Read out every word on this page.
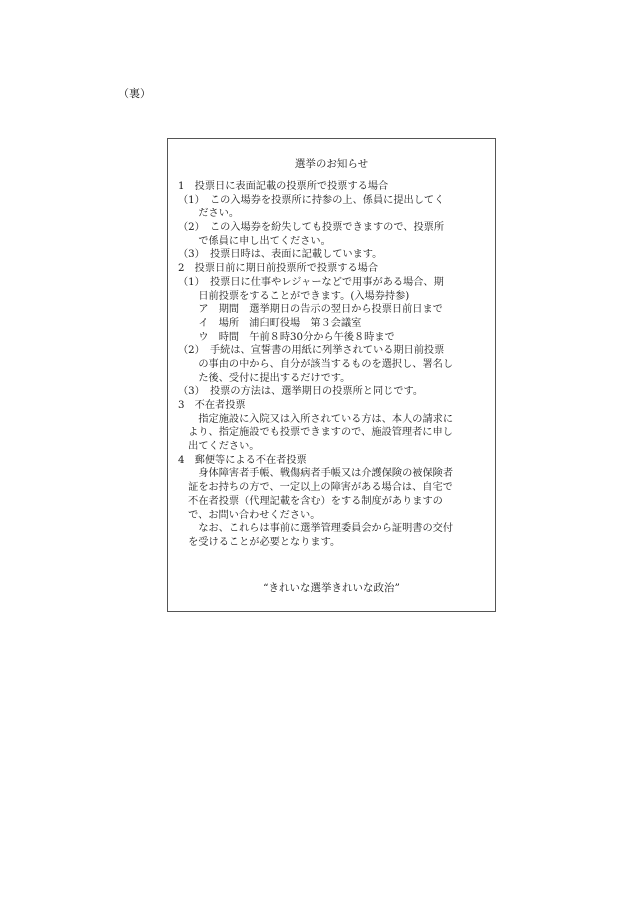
（裏）
選挙のお知らせ
1　投票日に表面記載の投票所で投票する場合
（1）　この入場券を投票所に持参の上、係員に提出してく
　　ださい。
（2）　この入場券を紛失しても投票できますので、投票所
　　で係員に申し出てください。
（3）　投票日時は、表面に記載しています。
2　投票日前に期日前投票所で投票する場合
（1）　投票日に仕事やレジャーなどで用事がある場合、期
　　日前投票をすることができます。(入場券持参)
　　ア　期間　選挙期日の告示の翌日から投票日前日まで
　　イ　場所　浦臼町役場　第３会議室
　　ウ　時間　午前８時30分から午後８時まで
（2）　手続は、宣誓書の用紙に列挙されている期日前投票
　　の事由の中から、自分が該当するものを選択し、署名し
　　た後、受付に提出するだけです。
（3）　投票の方法は、選挙期日の投票所と同じです。
3　不在者投票
　　指定施設に入院又は入所されている方は、本人の請求に
　より、指定施設でも投票できますので、施設管理者に申し
　出てください。
4　郵便等による不在者投票
　　身体障害者手帳、戦傷病者手帳又は介護保険の被保険者
　証をお持ちの方で、一定以上の障害がある場合は、自宅で
　不在者投票（代理記載を含む）をする制度がありますの
　で、お問い合わせください。
　　なお、これらは事前に選挙管理委員会から証明書の交付
　を受けることが必要となります。
“きれいな選挙きれいな政治”
